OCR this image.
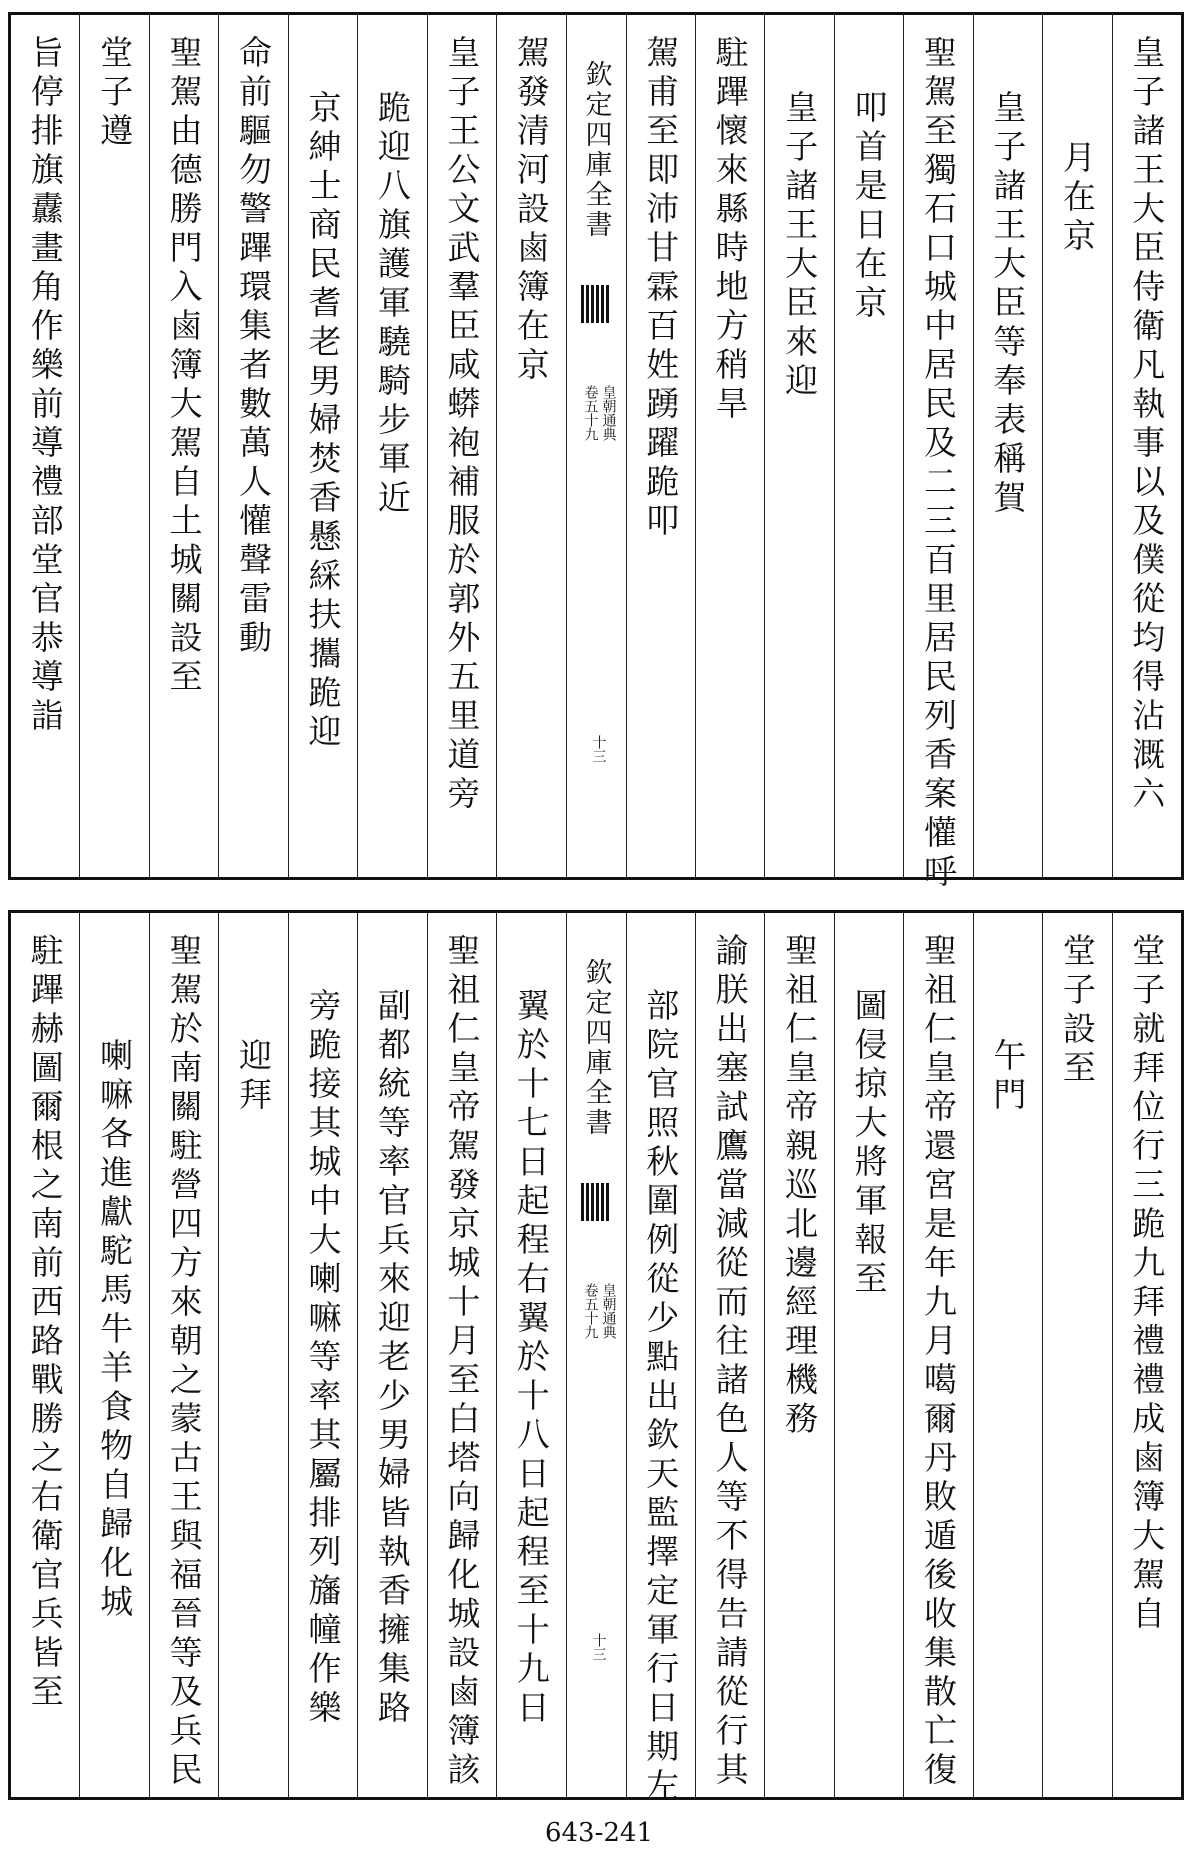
皇子諸王大臣侍衛凡執事以及僕從均得沾溉六
月在京
皇子諸王大臣等奉表稱賀
聖駕至獨石口城中居民及二三百里居民列香案懽呼
叩首是日在京
皇子諸王大臣來迎
駐蹕懷來縣時地方稍旱
駕甫至即沛甘霖百姓踴躍跪叩
欽定四庫全書
皇朝通典
卷五十九
十三
駕發清河設鹵簿在京
皇子王公文武羣臣咸蟒袍補服於郭外五里道旁
跪迎八旗護軍驍騎步軍近
京紳士商民耆老男婦焚香懸綵扶攜跪迎
命前驅勿警蹕環集者數萬人懽聲雷動
聖駕由德勝門入鹵簿大駕自土城關設至
堂子遵
旨停排旗纛畫角作樂前導禮部堂官恭導詣
堂子就拜位行三跪九拜禮禮成鹵簿大駕自
堂子設至
午門
聖祖仁皇帝還宮是年九月噶爾丹敗遁後收集散亡復
圖侵掠大將軍報至
聖祖仁皇帝親巡北邊經理機務
諭朕出塞試鷹當減從而往諸色人等不得告請從行其
部院官照秋圍例從少點出欽天監擇定軍行日期左
欽定四庫全書
皇朝通典
卷五十九
十三
翼於十七日起程右翼於十八日起程至十九日
聖祖仁皇帝駕發京城十月至白塔向歸化城設鹵簿該
副都統等率官兵來迎老少男婦皆執香擁集路
旁跪接其城中大喇嘛等率其屬排列旛幢作樂
迎拜
聖駕於南關駐營四方來朝之蒙古王與福晉等及兵民
喇嘛各進獻駝馬牛羊食物自歸化城
駐蹕赫圖爾根之南前西路戰勝之右衛官兵皆至
643-241
